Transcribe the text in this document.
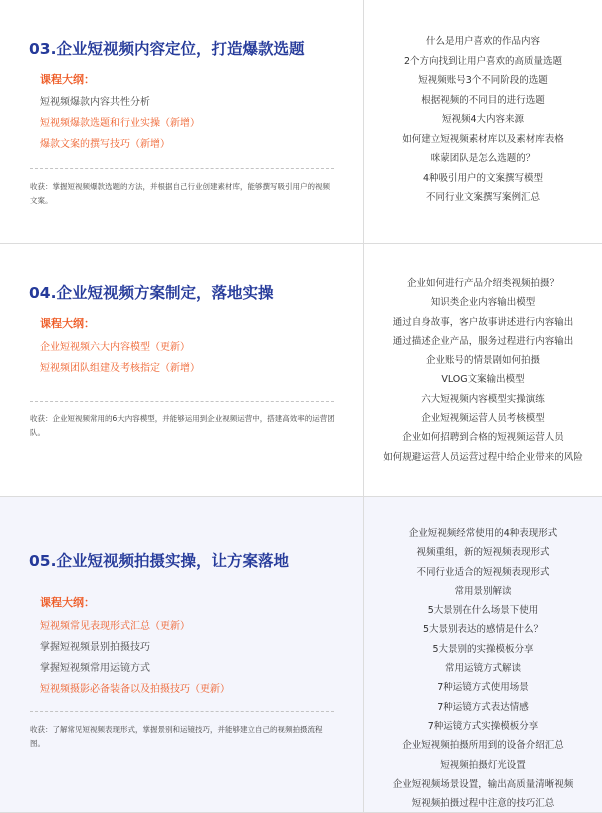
03.企业短视频内容定位，打造爆款选题
课程大纲：
短视频爆款内容共性分析
短视频爆款选题和行业实操（新增）
爆款文案的撰写技巧（新增）
收获：掌握短视频爆款选题的方法，并根据自己行业创建素材库，能够撰写吸引用户的视频文案。
什么是用户喜欢的作品内容
2个方向找到让用户喜欢的高质量选题
短视频账号3个不同阶段的选题
根据视频的不同目的进行选题
短视频4大内容来源
如何建立短视频素材库以及素材库表格
咪蒙团队是怎么选题的？
4种吸引用户的文案撰写模型
不同行业文案撰写案例汇总
04.企业短视频方案制定，落地实操
课程大纲：
企业短视频六大内容模型（更新）
短视频团队组建及考核指定（新增）
收获：企业短视频常用的6大内容模型，并能够运用到企业视频运营中，搭建高效率的运营团队。
企业如何进行产品介绍类视频拍摄？
知识类企业内容输出模型
通过自身故事，客户故事讲述进行内容输出
通过描述企业产品，服务过程进行内容输出
企业账号的情景剧如何拍摄
VLOG文案输出模型
六大短视频内容模型实操演练
企业短视频运营人员考核模型
企业如何招聘到合格的短视频运营人员
如何规避运营人员运营过程中给企业带来的风险
05.企业短视频拍摄实操，让方案落地
课程大纲：
短视频常见表现形式汇总（更新）
掌握短视频景别拍摄技巧
掌握短视频常用运镜方式
短视频摄影必备装备以及拍摄技巧（更新）
收获：了解常见短视频表现形式，掌握景别和运镜技巧，并能够建立自己的视频拍摄流程图。
企业短视频经常使用的4种表现形式
视频重组，新的短视频表现形式
不同行业适合的短视频表现形式
常用景别解读
5大景别在什么场景下使用
5大景别表达的感情是什么？
5大景别的实操模板分享
常用运镜方式解读
7种运镜方式使用场景
7种运镜方式表达情感
7种运镜方式实操模板分享
企业短视频拍摄所用到的设备介绍汇总
短视频拍摄灯光设置
企业短视频场景设置，输出高质量清晰视频
短视频拍摄过程中注意的技巧汇总
